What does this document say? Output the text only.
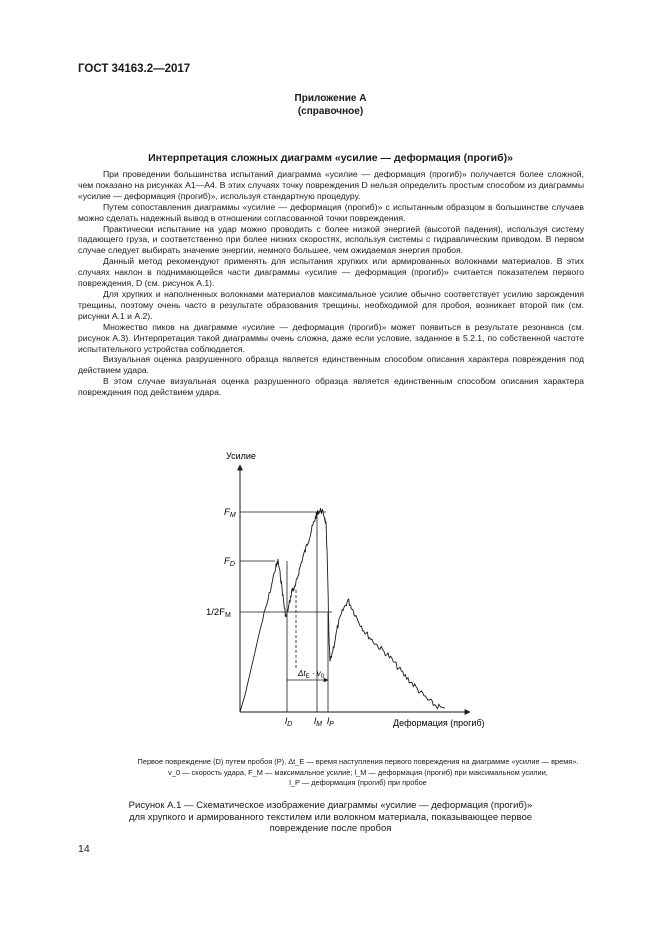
ГОСТ 34163.2—2017
Приложение А
(справочное)
Интерпретация сложных диаграмм «усилие — деформация (прогиб)»

При проведении большинства испытаний диаграмма «усилие — деформация (прогиб)» получается более сложной, чем показано на рисунках А1—А4. В этих случаях точку повреждения D нельзя определить простым способом из диаграммы «усилие — деформация (прогиб)», используя стандартную процедуру.

Путем сопоставления диаграммы «усилие — деформация (прогиб)» с испытанным образцом в большинстве случаев можно сделать надежный вывод в отношении согласованной точки повреждения.

Практически испытание на удар можно проводить с более низкой энергией (высотой падения), используя систему падающего груза, и соответственно при более низких скоростях, используя системы с гидравлическим приводом. В первом случае следует выбирать значение энергии, немного большее, чем ожидаемая энергия пробоя.

Данный метод рекомендуют применять для испытания хрупких или армированных волокнами материалов. В этих случаях наклон в поднимающейся части диаграммы «усилие — деформация (прогиб)» считается показателем первого повреждения, D (см. рисунок А.1).

Для хрупких и наполненных волокнами материалов максимальное усилие обычно соответствует усилию зарождения трещины, поэтому очень часто в результате образования трещины, необходимой для пробоя, возникает второй пик (см. рисунки А.1 и А.2).

Множество пиков на диаграмме «усилие — деформация (прогиб)» может появиться в результате резонанса (см. рисунок А.3). Интерпретация такой диаграммы очень сложна, даже если условие, заданное в 5.2.1, по собственной частоте испытательного устройства соблюдается.

Визуальная оценка разрушенного образца является единственным способом описания характера повреждения под действием удара.

В этом случае визуальная оценка разрушенного образца является единственным способом описания характера повреждения под действием удара.

Усилие
Деформация (прогиб)
$\Delta t_E \cdot v_0$
$F_M$
$F_D$
$1/2F_M$
$l_D$ $l_M$ $l_P$
Первое повреждение (D) путем пробоя (Р), Δt_E — время наступления первого повреждения на диаграмме «усилие — время».
v_0 — скорость удара, F_M — максимальное усилие; l_M — деформация (прогиб) при максимальном усилии,
l_P — деформация (прогиб) при пробое
Рисунок А.1 — Схематическое изображение диаграммы «усилие — деформация (прогиб)»
для хрупкого и армированного текстилем или волокном материала, показывающее первое
повреждение после пробоя
14
